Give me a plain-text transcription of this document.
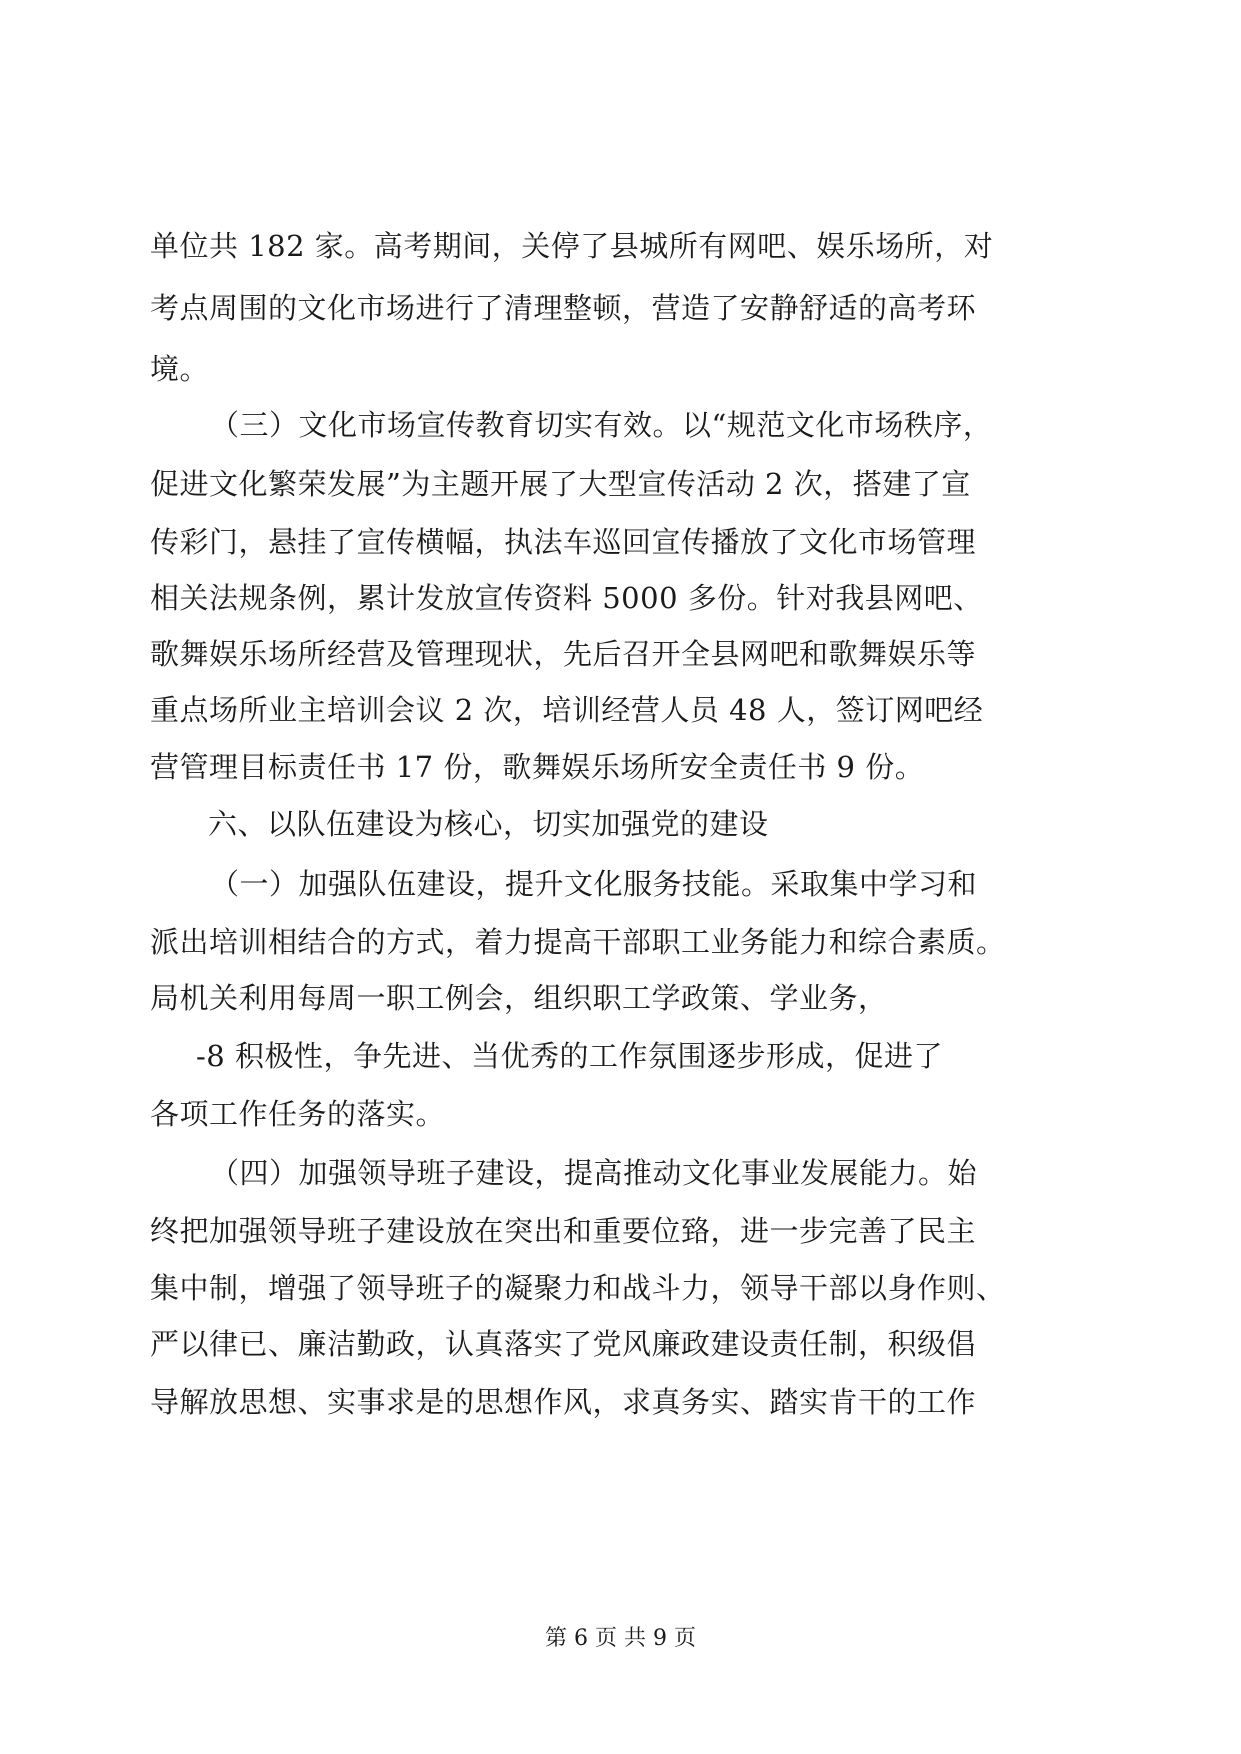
单位共 182 家。高考期间，关停了县城所有网吧、娱乐场所，对
考点周围的文化市场进行了清理整顿，营造了安静舒适的高考环
境。
（三）文化市场宣传教育切实有效。以“规范文化市场秩序，
促进文化繁荣发展”为主题开展了大型宣传活动 2 次，搭建了宣
传彩门，悬挂了宣传横幅，执法车巡回宣传播放了文化市场管理
相关法规条例，累计发放宣传资料 5000 多份。针对我县网吧、
歌舞娱乐场所经营及管理现状，先后召开全县网吧和歌舞娱乐等
重点场所业主培训会议 2 次，培训经营人员 48 人，签订网吧经
营管理目标责任书 17 份，歌舞娱乐场所安全责任书 9 份。
六、以队伍建设为核心，切实加强党的建设
（一）加强队伍建设，提升文化服务技能。采取集中学习和
派出培训相结合的方式，着力提高干部职工业务能力和综合素质。
局机关利用每周一职工例会，组织职工学政策、学业务，
-8 积极性，争先进、当优秀的工作氛围逐步形成，促进了
各项工作任务的落实。
（四）加强领导班子建设，提高推动文化事业发展能力。始
终把加强领导班子建设放在突出和重要位臵，进一步完善了民主
集中制，增强了领导班子的凝聚力和战斗力，领导干部以身作则、
严以律已、廉洁勤政，认真落实了党风廉政建设责任制，积级倡
导解放思想、实事求是的思想作风，求真务实、踏实肯干的工作
第 6 页 共 9 页
